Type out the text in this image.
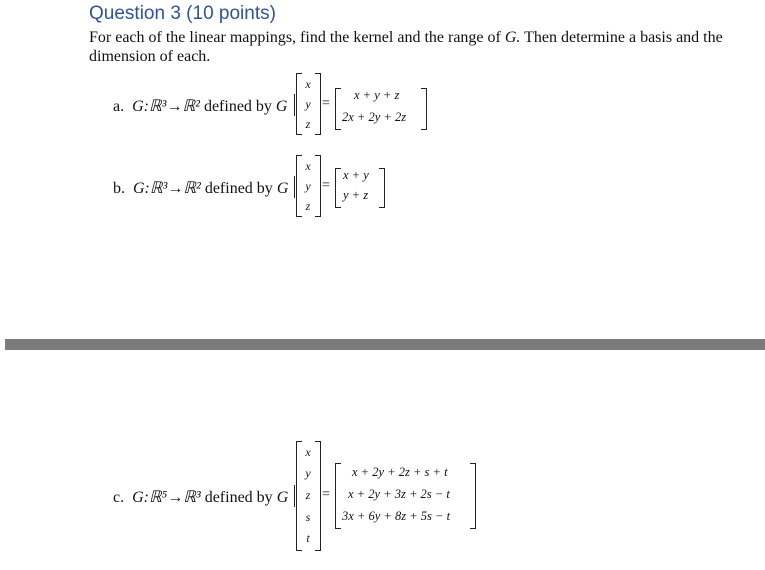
Question 3 (10 points)
For each of the linear mappings, find the kernel and the range of G. Then determine a basis and the dimension of each.
a. G:ℝ³→ℝ² defined by G
x
y
z
=
x + y + z
2x + 2y + 2z
b. G:ℝ³→ℝ² defined by G
x
y
z
=
x + y
y + z
c. G:ℝ⁵→ℝ³ defined by G
x
y
z
s
t
=
x + 2y + 2z + s + t
x + 2y + 3z + 2s − t
3x + 6y + 8z + 5s − t
